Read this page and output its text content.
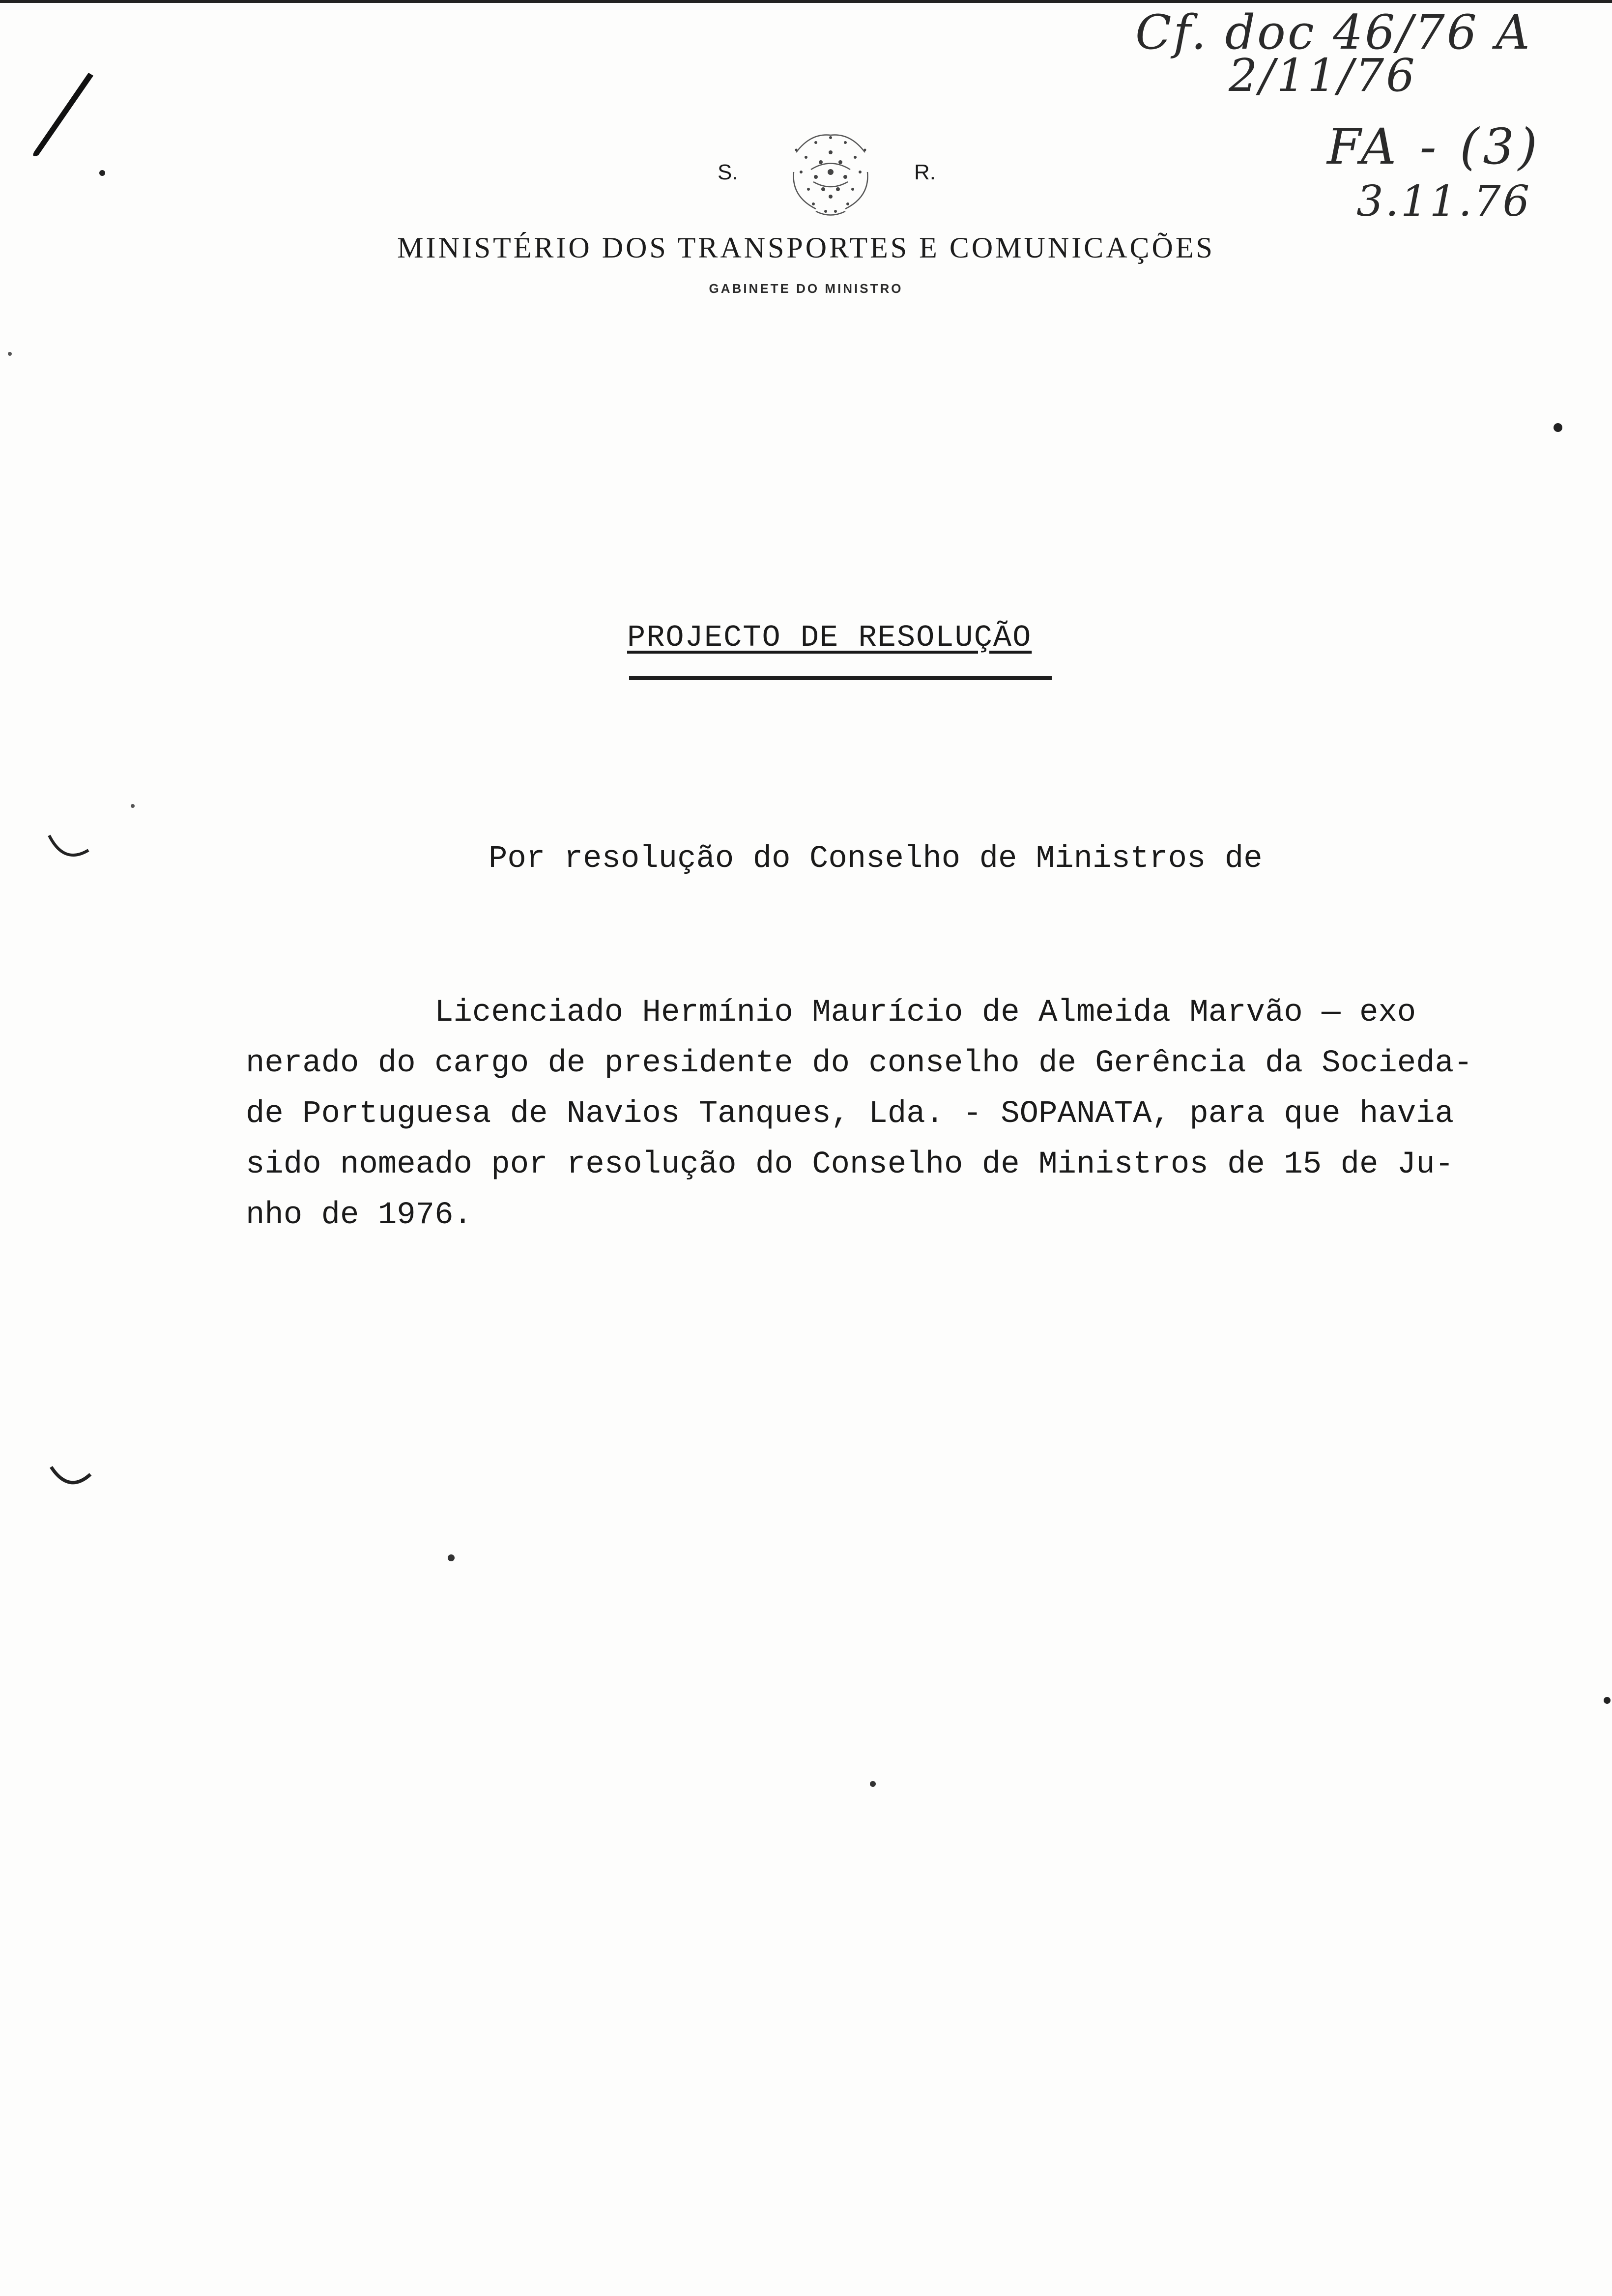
Cf. doc 46/76 A
2/11/76
FA - (3)
3.11.76
S.	R.
MINISTÉRIO DOS TRANSPORTES E COMUNICAÇÕES
GABINETE DO MINISTRO
PROJECTO DE RESOLUÇÃO
Por resolução do Conselho de Ministros de
Licenciado Hermínio Maurício de Almeida Marvão — exo
nerado do cargo de presidente do conselho de Gerência da Socieda-
de Portuguesa de Navios Tanques, Lda. - SOPANATA, para que havia
sido nomeado por resolução do Conselho de Ministros de 15 de Ju-
nho de 1976.
